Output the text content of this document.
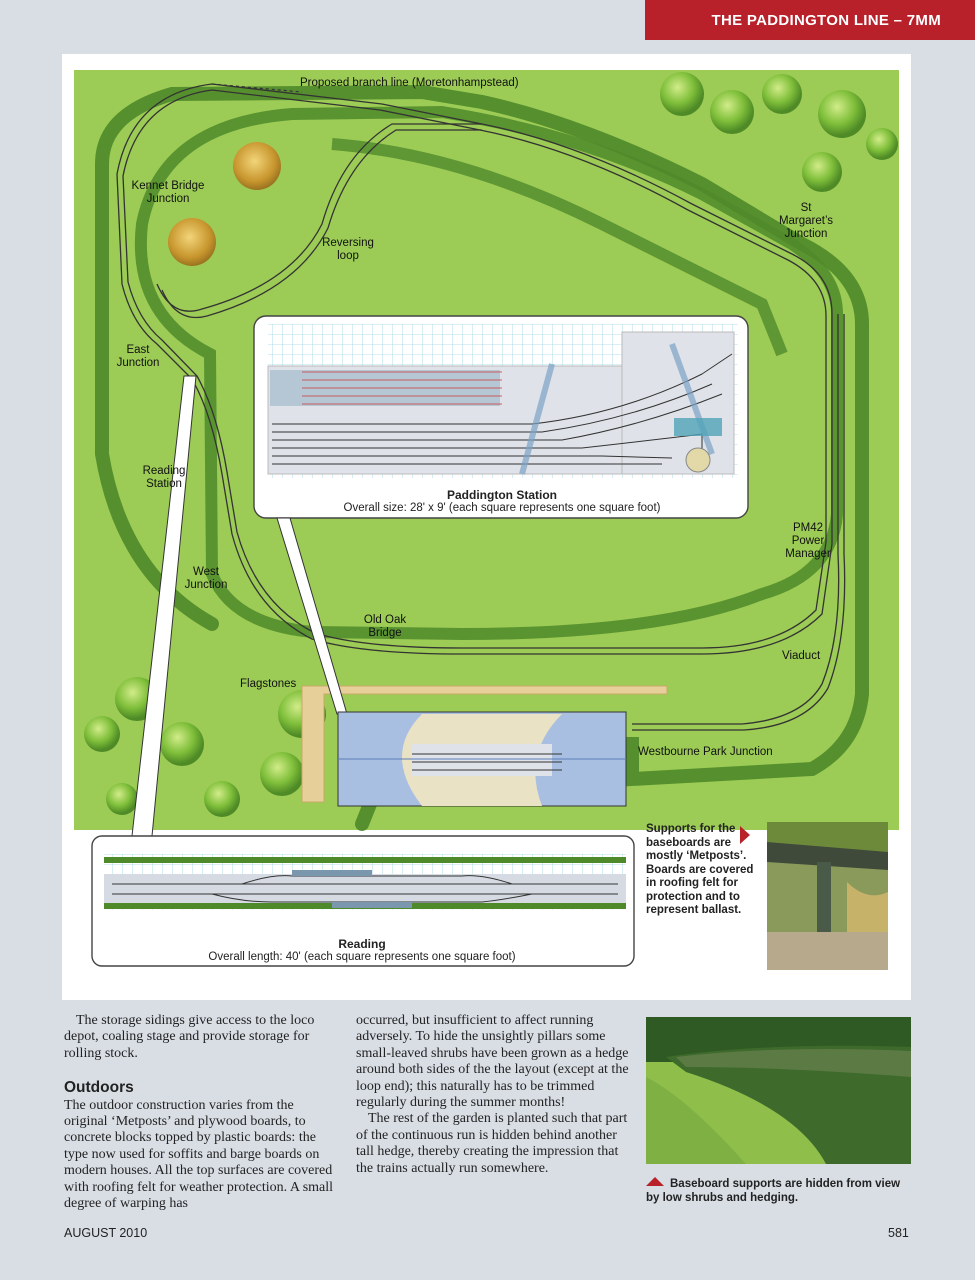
THE PADDINGTON LINE – 7MM
Proposed branch line (Moretonhampstead)
Kennet Bridge Junction
Reversing loop
St Margaret’s Junction
East Junction
Reading Station
West Junction
Old Oak Bridge
PM42 Power Manager
Viaduct
Flagstones
Westbourne Park Junction
Paddington Station
Overall size: 28' x 9' (each square represents one square foot)
Reading
Overall length: 40' (each square represents one square foot)
Supports for the baseboards are mostly ‘Metposts’. Boards are covered in roofing felt for protection and to represent ballast.

The storage sidings give access to the loco depot, coaling stage and provide storage for rolling stock.

Outdoors

The outdoor construction varies from the original ‘Metposts’ and plywood boards, to concrete blocks topped by plastic boards: the type now used for soffits and barge boards on modern houses. All the top surfaces are covered with roofing felt for weather protection. A small degree of warping has

occurred, but insufficient to affect running adversely. To hide the unsightly pillars some small-leaved shrubs have been grown as a hedge around both sides of the the layout (except at the loop end); this naturally has to be trimmed regularly during the summer months!

The rest of the garden is planted such that part of the continuous run is hidden behind another tall hedge, thereby creating the impression that the trains actually run somewhere.

Baseboard supports are hidden from view by low shrubs and hedging.
AUGUST 2010	581
